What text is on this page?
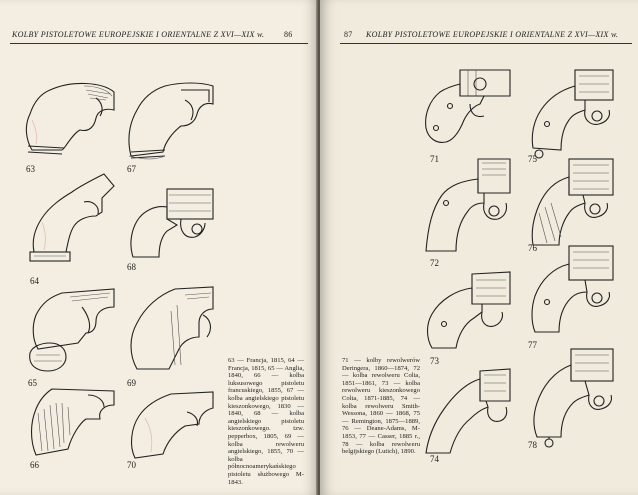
KOLBY PISTOLETOWE EUROPEJSKIE I ORIENTALNE Z XVI—XIX w. 86
63
64
65
66
67
68
69
70
63 — Francja, 1815, 64 — Francja, 1815, 65 — Anglia, 1840, 66 — kolba luksusowego pistoletu francuskiego, 1855, 67 — kolba angielskiego pistoletu kieszonkowego, 1830 — 1840, 68 — kolba angielskiego pistoletu kieszonkowego. tzw. pepperbox, 1805, 69 — kolba rewolweru angielskiego, 1855, 70 — kolba północnoamerykańskiego pistoletu służbowego M-1843.
87 KOLBY PISTOLETOWE EUROPEJSKIE I ORIENTALNE Z XVI—XIX w.
71
72
73
74
75
76
77
78
71 — kolby rewolwerów Deringera, 1860—1874, 72 — kolba rewolweru Colta, 1851—1861, 73 — kolba rewolweru kieszonkowego Colta, 1871-1885, 74 — kolba rewolweru Smith-Wessona, 1860 — 1868, 75 — Remington, 1875—1889, 76 — Deane-Adams, M-1853, 77 — Casser, 1885 r., 78 — kolba rewolweru belgijskiego (Lutich), 1890.
